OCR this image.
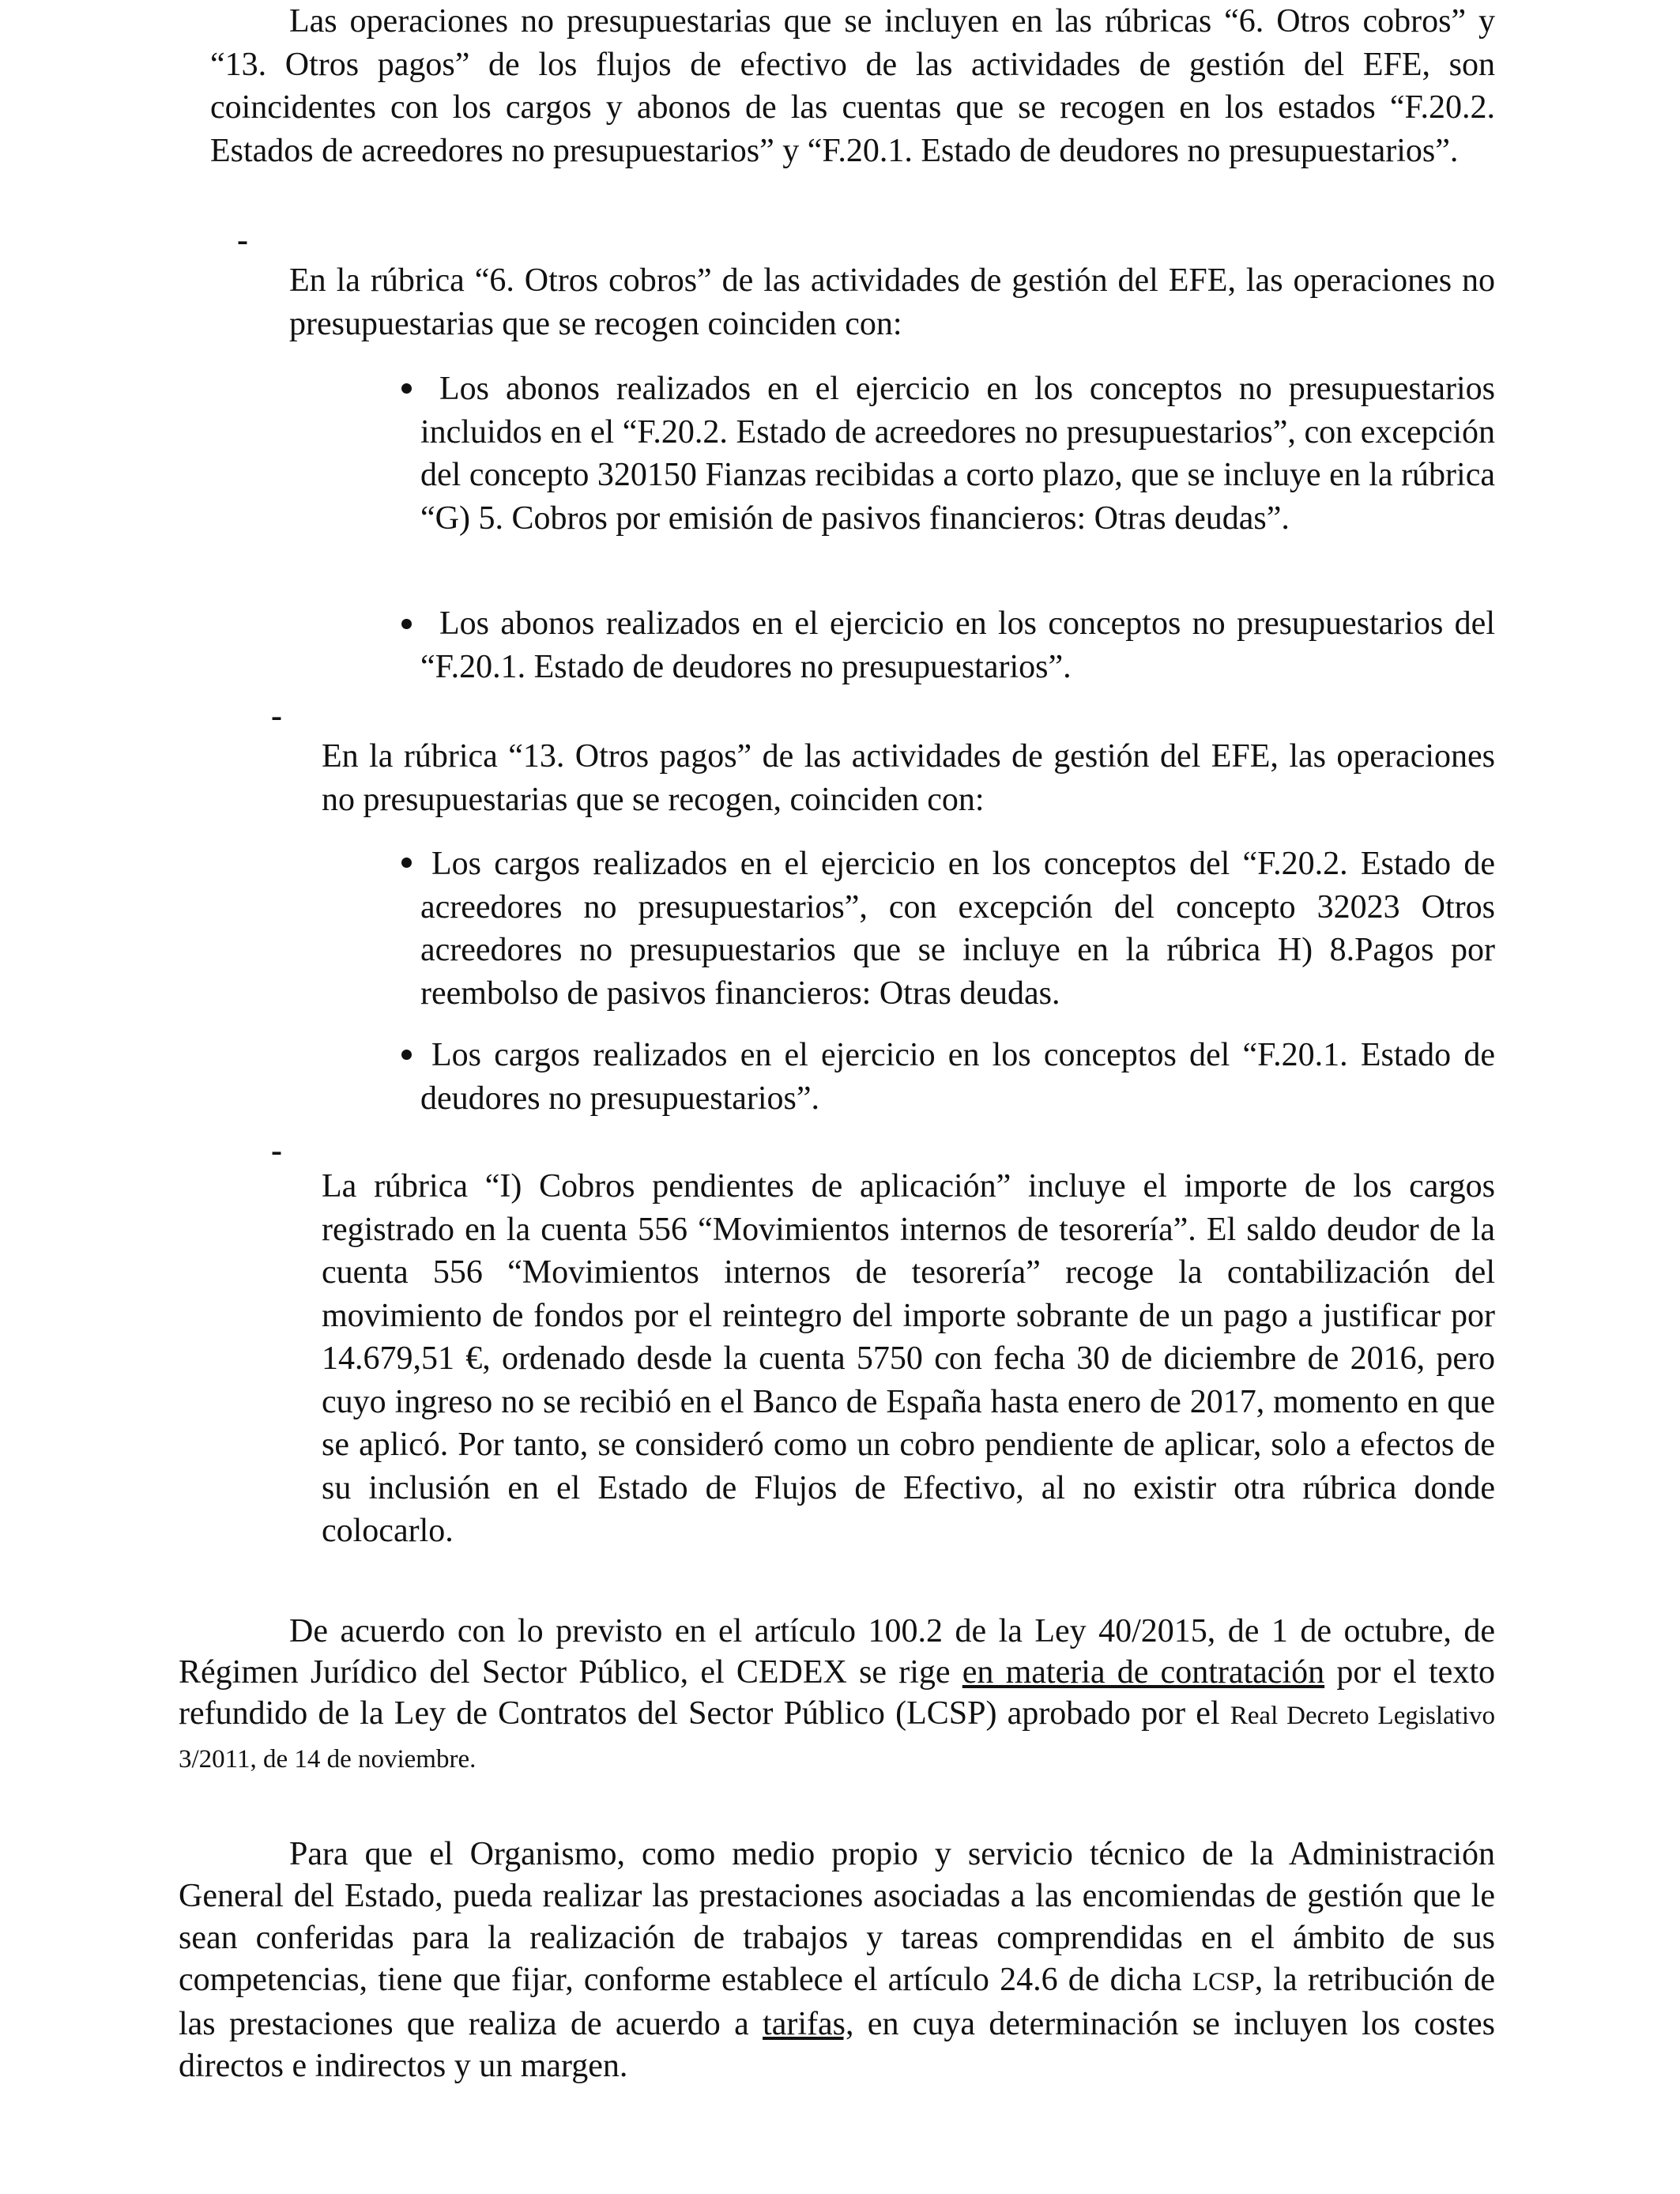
Las operaciones no presupuestarias que se incluyen en las rúbricas “6. Otros cobros” y “13. Otros pagos” de los flujos de efectivo de las actividades de gestión del EFE, son coincidentes con los cargos y abonos de las cuentas que se recogen en los estados “F.20.2. Estados de acreedores no presupuestarios” y “F.20.1. Estado de deudores no presupuestarios”.

-

En la rúbrica “6. Otros cobros” de las actividades de gestión del EFE, las operaciones no presupuestarias que se recogen coinciden con:

Los abonos realizados en el ejercicio en los conceptos no presupuestarios incluidos en el “F.20.2. Estado de acreedores no presupuestarios”, con excepción del concepto 320150 Fianzas recibidas a corto plazo, que se incluye en la rúbrica “G) 5. Cobros por emisión de pasivos financieros: Otras deudas”.

Los abonos realizados en el ejercicio en los conceptos no presupuestarios del “F.20.1. Estado de deudores no presupuestarios”.

-

En la rúbrica “13. Otros pagos” de las actividades de gestión del EFE, las operaciones no presupuestarias que se recogen, coinciden con:

Los cargos realizados en el ejercicio en los conceptos del “F.20.2. Estado de acreedores no presupuestarios”, con excepción del concepto 32023 Otros acreedores no presupuestarios que se incluye en la rúbrica H) 8.Pagos por reembolso de pasivos financieros: Otras deudas.

Los cargos realizados en el ejercicio en los conceptos del “F.20.1. Estado de deudores no presupuestarios”.

-

La rúbrica “I) Cobros pendientes de aplicación” incluye el importe de los cargos registrado en la cuenta 556 “Movimientos internos de tesorería”. El saldo deudor de la cuenta 556 “Movimientos internos de tesorería” recoge la contabilización del movimiento de fondos por el reintegro del importe sobrante de un pago a justificar por 14.679,51 €, ordenado desde la cuenta 5750 con fecha 30 de diciembre de 2016, pero cuyo ingreso no se recibió en el Banco de España hasta enero de 2017, momento en que se aplicó. Por tanto, se consideró como un cobro pendiente de aplicar, solo a efectos de su inclusión en el Estado de Flujos de Efectivo, al no existir otra rúbrica donde colocarlo.

De acuerdo con lo previsto en el artículo 100.2 de la Ley 40/2015, de 1 de octubre, de Régimen Jurídico del Sector Público, el CEDEX se rige en materia de contratación por el texto refundido de la Ley de Contratos del Sector Público (LCSP) aprobado por el Real Decreto Legislativo 3/2011, de 14 de noviembre.

Para que el Organismo, como medio propio y servicio técnico de la Administración General del Estado, pueda realizar las prestaciones asociadas a las encomiendas de gestión que le sean conferidas para la realización de trabajos y tareas comprendidas en el ámbito de sus competencias, tiene que fijar, conforme establece el artículo 24.6 de dicha LCSP, la retribución de las prestaciones que realiza de acuerdo a tarifas, en cuya determinación se incluyen los costes directos e indirectos y un margen.
